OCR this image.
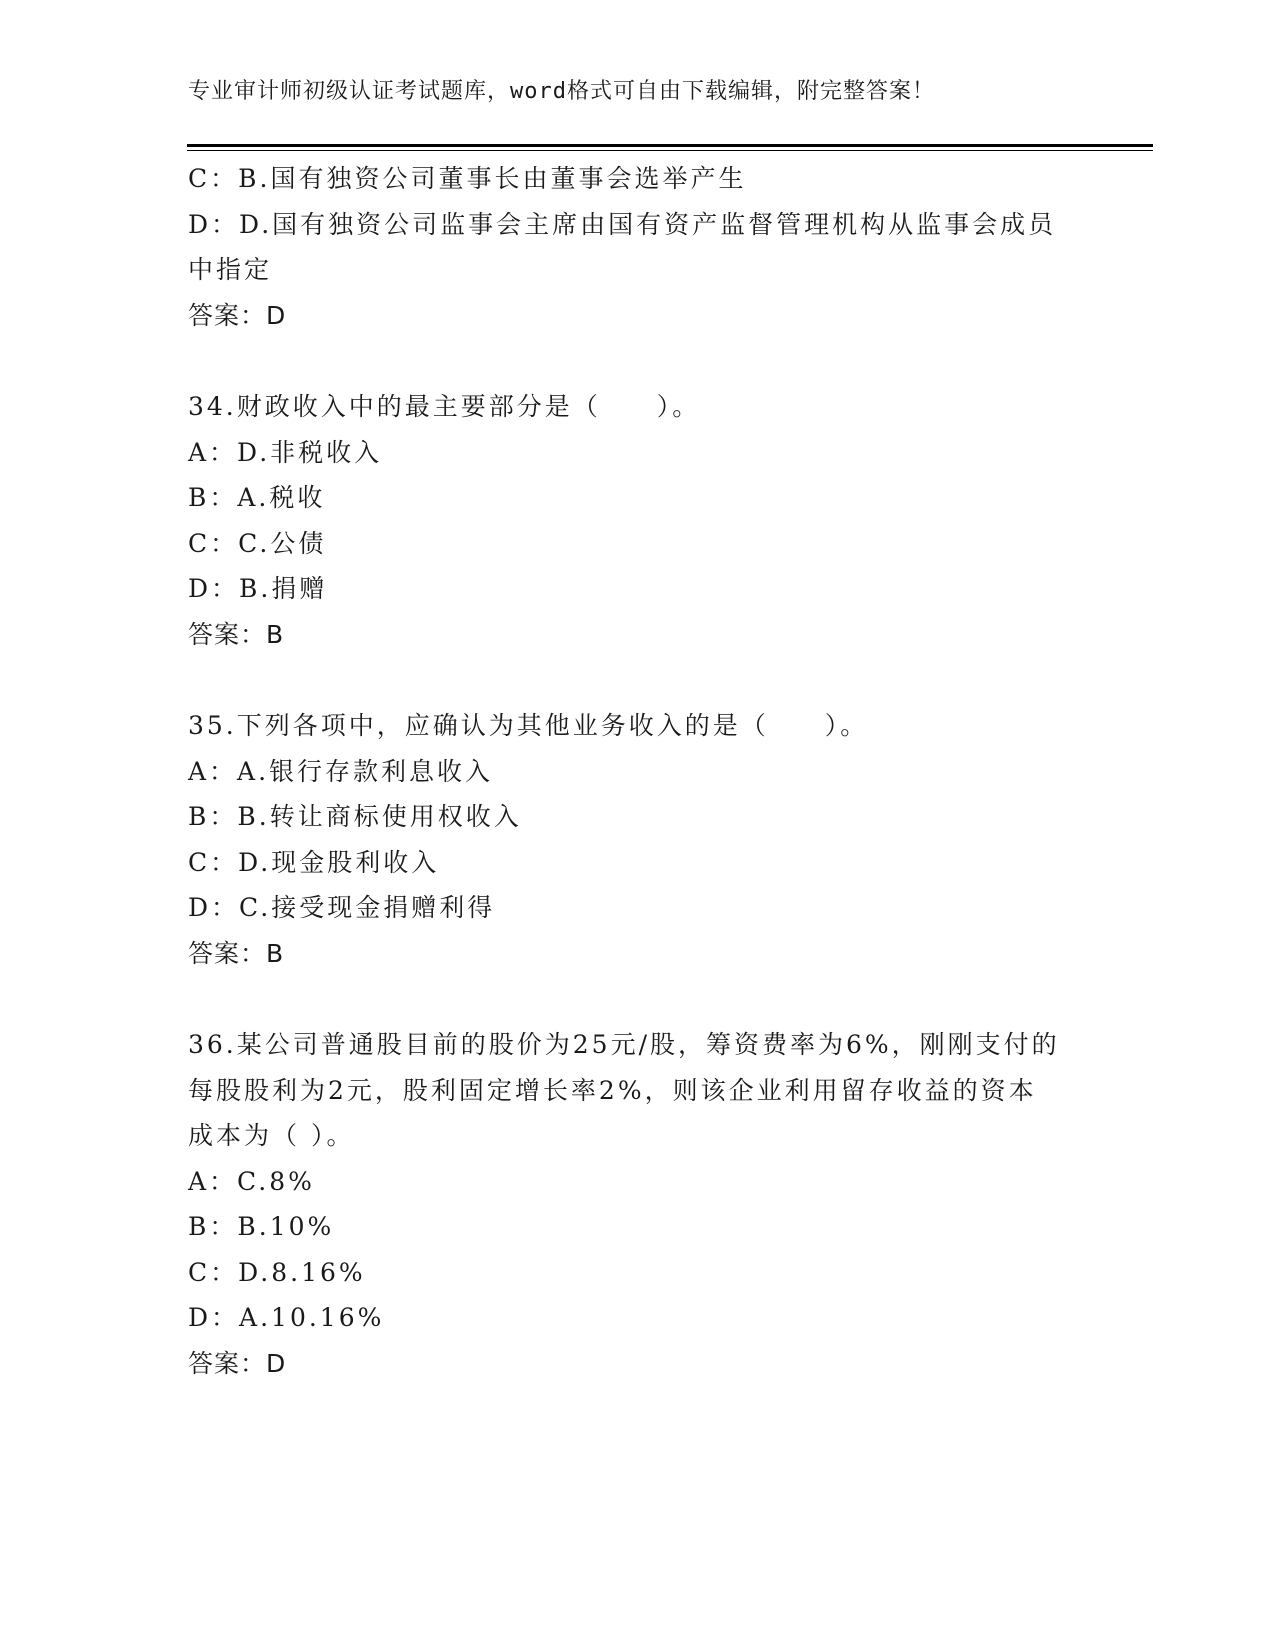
专业审计师初级认证考试题库，word格式可自由下载编辑，附完整答案！
C：B.国有独资公司董事长由董事会选举产生
D：D.国有独资公司监事会主席由国有资产监督管理机构从监事会成员
中指定
答案：D
34.财政收入中的最主要部分是（　　）。
A：D.非税收入
B：A.税收
C：C.公债
D：B.捐赠
答案：B
35.下列各项中，应确认为其他业务收入的是（　　）。
A：A.银行存款利息收入
B：B.转让商标使用权收入
C：D.现金股利收入
D：C.接受现金捐赠利得
答案：B
36.某公司普通股目前的股价为25元/股，筹资费率为6%，刚刚支付的
每股股利为2元，股利固定增长率2%，则该企业利用留存收益的资本
成本为（ ）。
A：C.8%
B：B.10%
C：D.8.16%
D：A.10.16%
答案：D
